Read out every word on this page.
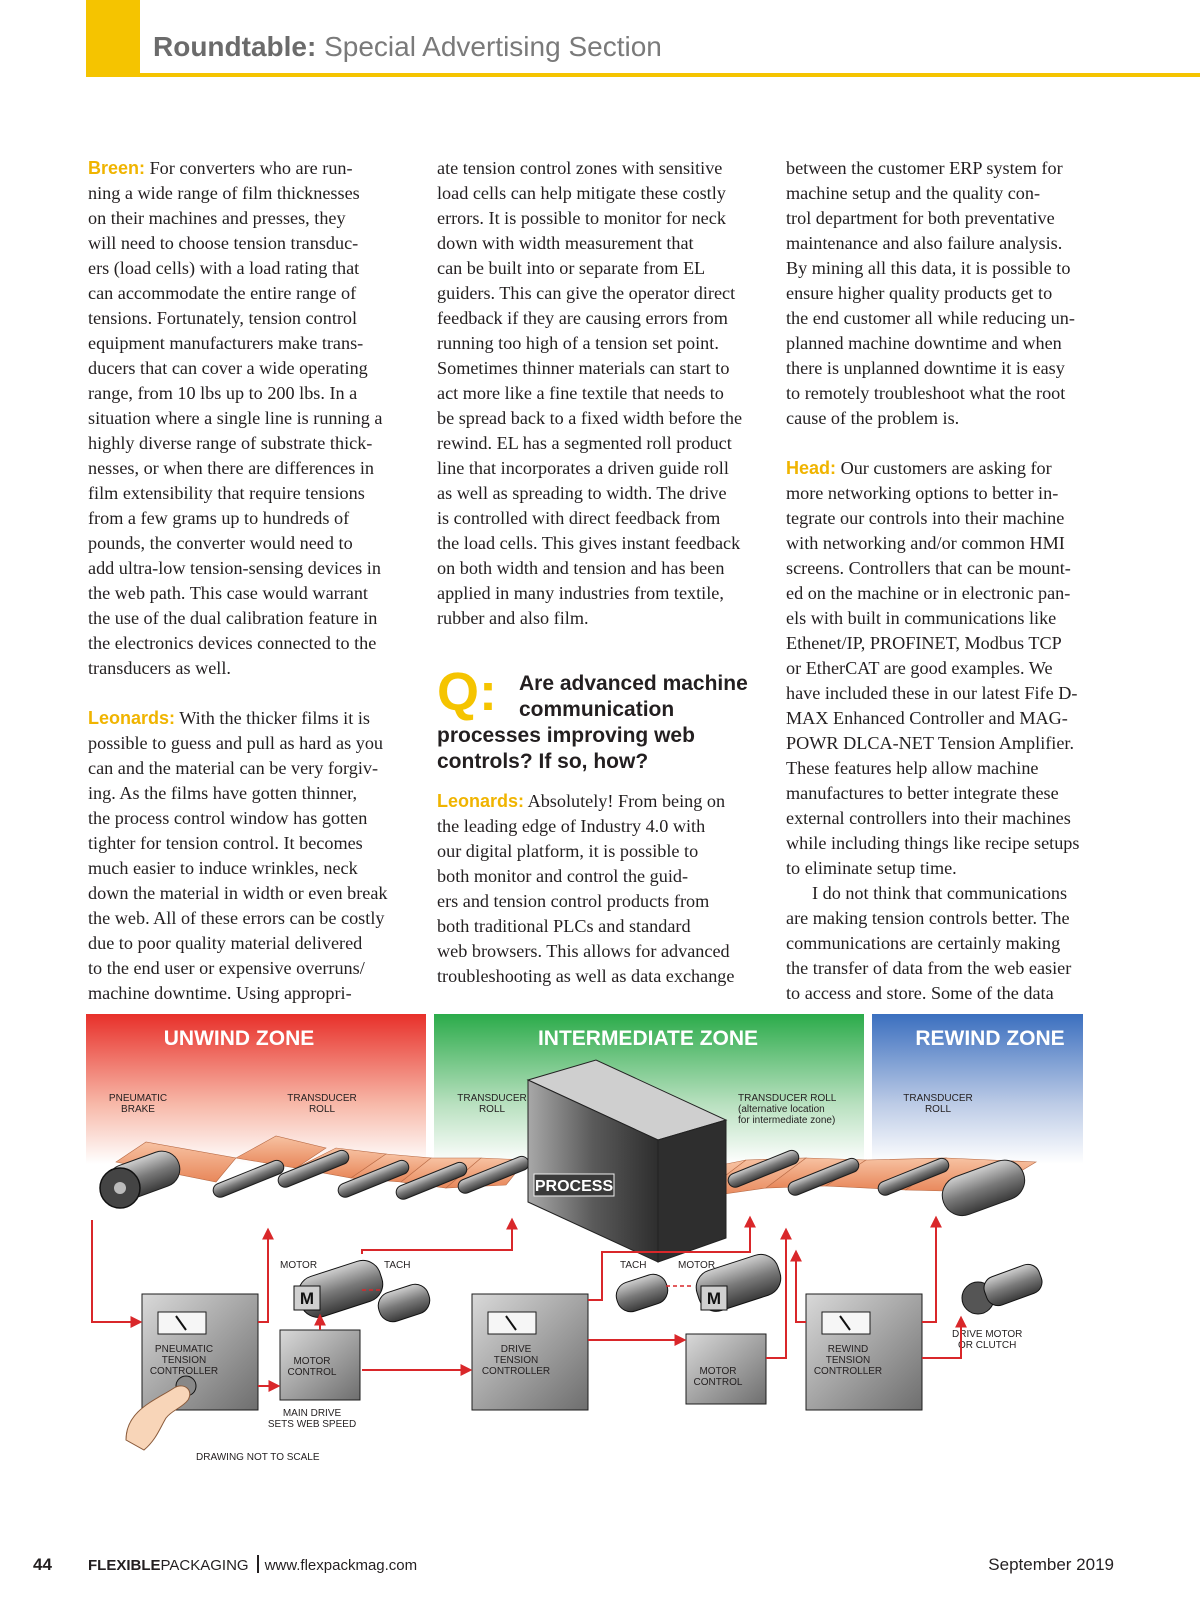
Roundtable: Special Advertising Section
Breen: For converters who are run-
ning a wide range of film thicknesses
on their machines and presses, they
will need to choose tension transduc-
ers (load cells) with a load rating that
can accommodate the entire range of
tensions. Fortunately, tension control
equipment manufacturers make trans-
ducers that can cover a wide operating
range, from 10 lbs up to 200 lbs. In a
situation where a single line is running a
highly diverse range of substrate thick-
nesses, or when there are differences in
film extensibility that require tensions
from a few grams up to hundreds of
pounds, the converter would need to
add ultra-low tension-sensing devices in
the web path. This case would warrant
the use of the dual calibration feature in
the electronics devices connected to the
transducers as well.
Leonards: With the thicker films it is
possible to guess and pull as hard as you
can and the material can be very forgiv-
ing. As the films have gotten thinner,
the process control window has gotten
tighter for tension control. It becomes
much easier to induce wrinkles, neck
down the material in width or even break
the web. All of these errors can be costly
due to poor quality material delivered
to the end user or expensive overruns/
machine downtime. Using appropri-
ate tension control zones with sensitive
load cells can help mitigate these costly
errors. It is possible to monitor for neck
down with width measurement that
can be built into or separate from EL
guiders. This can give the operator direct
feedback if they are causing errors from
running too high of a tension set point.
Sometimes thinner materials can start to
act more like a fine textile that needs to
be spread back to a fixed width before the
rewind. EL has a segmented roll product
line that incorporates a driven guide roll
as well as spreading to width. The drive
is controlled with direct feedback from
the load cells. This gives instant feedback
on both width and tension and has been
applied in many industries from textile,
rubber and also film.
Q:	Are advanced machine
communication
processes improving web
controls? If so, how?
Leonards: Absolutely! From being on
the leading edge of Industry 4.0 with
our digital platform, it is possible to
both monitor and control the guid-
ers and tension control products from
both traditional PLCs and standard
web browsers. This allows for advanced
troubleshooting as well as data exchange
between the customer ERP system for
machine setup and the quality con-
trol department for both preventative
maintenance and also failure analysis.
By mining all this data, it is possible to
ensure higher quality products get to
the end customer all while reducing un-
planned machine downtime and when
there is unplanned downtime it is easy
to remotely troubleshoot what the root
cause of the problem is.
Head: Our customers are asking for
more networking options to better in-
tegrate our controls into their machine
with networking and/or common HMI
screens. Controllers that can be mount-
ed on the machine or in electronic pan-
els with built in communications like
Ethenet/IP, PROFINET, Modbus TCP
or EtherCAT are good examples. We
have included these in our latest Fife D-
MAX Enhanced Controller and MAG-
POWR DLCA-NET Tension Amplifier.
These features help allow machine
manufactures to better integrate these
external controllers into their machines
while including things like recipe setups
to eliminate setup time.
I do not think that communications
are making tension controls better. The
communications are certainly making
the transfer of data from the web easier
to access and store. Some of the data
UNWIND ZONE	INTERMEDIATE ZONE	REWIND ZONE
PNEUMATIC
BRAKE
TRANSDUCER
ROLL
TRANSDUCER
ROLL
TRANSDUCER
ROLL
TRANSDUCER ROLL
(alternative location
for intermediate zone)
PROCESS
M	M
MOTOR	TACH	TACH	MOTOR
DRIVE MOTOR
OR CLUTCH
PNEUMATIC
TENSION
CONTROLLER
MOTOR
CONTROL
MAIN DRIVE
SETS WEB SPEED
DRIVE
TENSION
CONTROLLER	MOTOR
CONTROL
REWIND
TENSION
CONTROLLER
DRAWING NOT TO SCALE
44 FLEXIBLEPACKAGING www.flexpackmag.com	September 2019
